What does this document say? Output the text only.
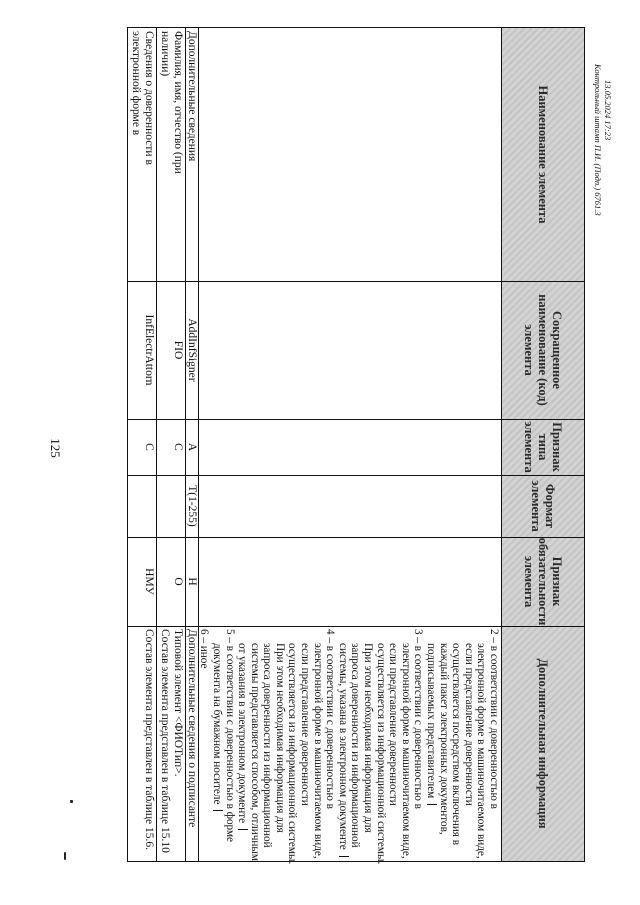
125
Наименование элемента
Сокращенное наименование (код) элемента
Признак типа элемента
Формат элемента
Признак обязательности элемента
Дополнительная информация
2 – в соответствии с доверенностью в
электронной форме в машиночитаемом виде,
если представление доверенности
осуществляется посредством включения в
каждый пакет электронных документов,
подписываемых представителем
3 – в соответствии с доверенностью в
электронной форме в машиночитаемом виде,
если представление доверенности
осуществляется из информационной системы.
При этом необходимая информация для
запроса доверенности из информационной
системы, указана в электронном документе
4 – в соответствии с доверенностью в
электронной форме в машиночитаемом виде,
если представление доверенности
осуществляется из информационной системы.
При этом необходимая информация для
запроса доверенности из информационной
системы представляется способом, отличным
от указания в электронном документе
5 – в соответствии с доверенностью в форме
документа на бумажном носителе
6 – иное
Дополнительные сведения
AddInfSigner
А
T(1-255)
Н
Дополнительные сведения о подписанте
Фамилия, имя, отчество (при
наличии)
FIO
С
О
Типовой элемент <ФИОТип>.
Состав элемента представлен в таблице 15.10
Сведения о доверенности в
электронной форме в
InfElectrAttorn
С
НМУ
Состав элемента представлен в таблице 15.6.
13.05.2024 17:23
Контрольный штамп П.И. (Подп.) 6761.3
